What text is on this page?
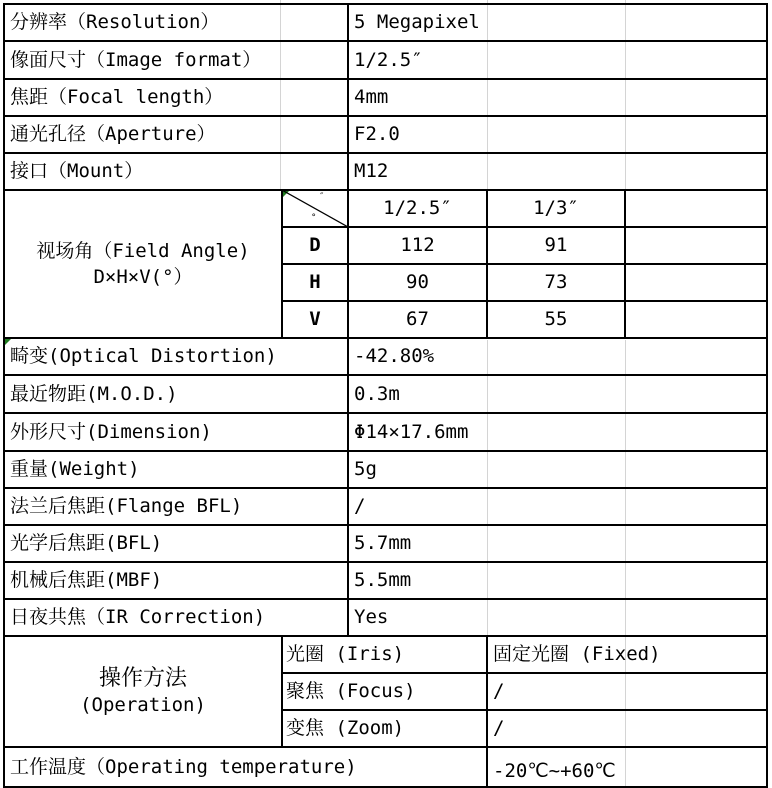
分辨率（Resolution）	5 Megapixel
像面尺寸（Image format）	1/2.5″
焦距（Focal length）	4mm
通光孔径（Aperture）	F2.0
接口（Mount）	M12
视场角（Field Angle)
D×H×V(°）
″
°	1/2.5″	1/3″
D	112	91
H	90	73
V	67	55
畸变(Optical Distortion)	-42.80%
最近物距(M.O.D.)	0.3m
外形尺寸(Dimension)	Φ14×17.6mm
重量(Weight)	5g
法兰后焦距(Flange BFL)	/
光学后焦距(BFL)	5.7mm
机械后焦距(MBF)	5.5mm
日夜共焦（IR Correction)	Yes
操作方法
(Operation)
光圈 (Iris)	固定光圈 (Fixed)
聚焦 (Focus)	/
变焦 (Zoom)	/
工作温度（Operating temperature)	-20℃~+60℃
